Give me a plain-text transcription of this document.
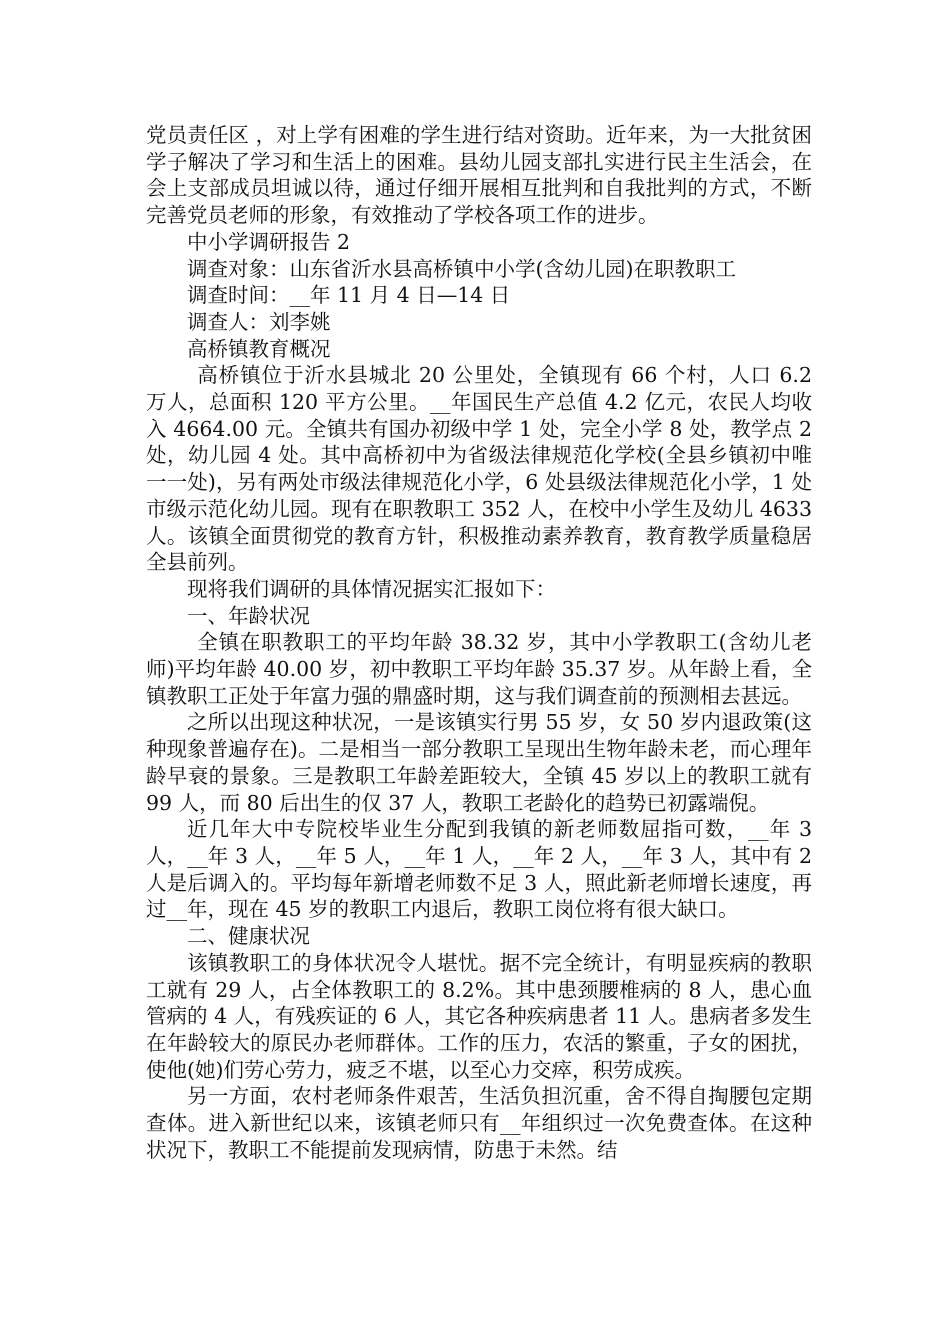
党员责任区 ，对上学有困难的学生进行结对资助。近年来，为一大批贫困学子解决了学习和生活上的困难。县幼儿园支部扎实进行民主生活会，在会上支部成员坦诚以待，通过仔细开展相互批判和自我批判的方式，不断完善党员老师的形象，有效推动了学校各项工作的进步。

中小学调研报告 2

调查对象：山东省沂水县高桥镇中小学(含幼儿园)在职教职工

调查时间：__年 11 月 4 日—14 日

调查人：刘李姚

高桥镇教育概况

高桥镇位于沂水县城北 20 公里处，全镇现有 66 个村，人口 6.2 万人，总面积 120 平方公里。__年国民生产总值 4.2 亿元，农民人均收入 4664.00 元。全镇共有国办初级中学 1 处，完全小学 8 处，教学点 2 处，幼儿园 4 处。其中高桥初中为省级法律规范化学校(全县乡镇初中唯一一处)，另有两处市级法律规范化小学，6 处县级法律规范化小学，1 处市级示范化幼儿园。现有在职教职工 352 人，在校中小学生及幼儿 4633 人。该镇全面贯彻党的教育方针，积极推动素养教育，教育教学质量稳居全县前列。

现将我们调研的具体情况据实汇报如下：

一、年龄状况

全镇在职教职工的平均年龄 38.32 岁，其中小学教职工(含幼儿老师)平均年龄 40.00 岁，初中教职工平均年龄 35.37 岁。从年龄上看，全镇教职工正处于年富力强的鼎盛时期，这与我们调查前的预测相去甚远。

之所以出现这种状况，一是该镇实行男 55 岁，女 50 岁内退政策(这种现象普遍存在)。二是相当一部分教职工呈现出生物年龄未老，而心理年龄早衰的景象。三是教职工年龄差距较大，全镇 45 岁以上的教职工就有 99 人，而 80 后出生的仅 37 人，教职工老龄化的趋势已初露端倪。

近几年大中专院校毕业生分配到我镇的新老师数屈指可数，__年 3 人，__年 3 人，__年 5 人，__年 1 人，__年 2 人，__年 3 人，其中有 2 人是后调入的。平均每年新增老师数不足 3 人，照此新老师增长速度，再过__年，现在 45 岁的教职工内退后，教职工岗位将有很大缺口。

二、健康状况

该镇教职工的身体状况令人堪忧。据不完全统计，有明显疾病的教职工就有 29 人，占全体教职工的 8.2%。其中患颈腰椎病的 8 人，患心血管病的 4 人，有残疾证的 6 人，其它各种疾病患者 11 人。患病者多发生在年龄较大的原民办老师群体。工作的压力，农活的繁重，子女的困扰，使他(她)们劳心劳力，疲乏不堪，以至心力交瘁，积劳成疾。

另一方面，农村老师条件艰苦，生活负担沉重，舍不得自掏腰包定期查体。进入新世纪以来，该镇老师只有__年组织过一次免费查体。在这种状况下，教职工不能提前发现病情，防患于未然。结
